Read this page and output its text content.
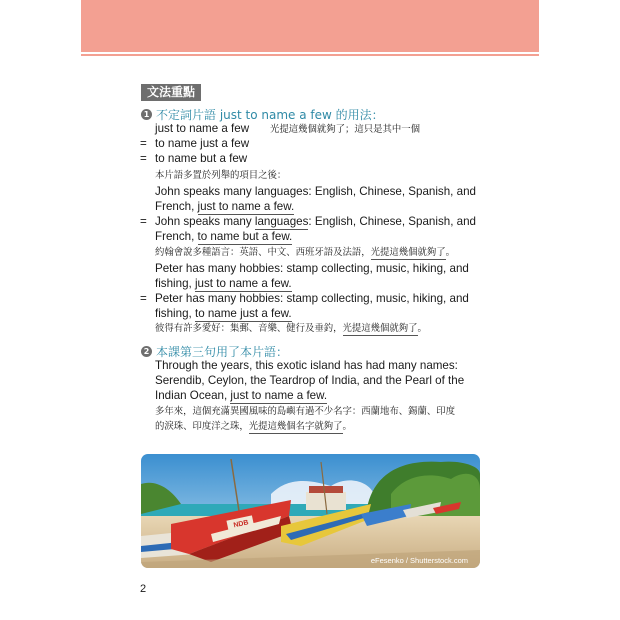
文法重點
1 不定詞片語 just to name a few 的用法：
just to name a few 光提這幾個就夠了；這只是其中一個
= to name just a few
= to name but a few
本片語多置於列舉的項目之後：
John speaks many languages: English, Chinese, Spanish, and
French, just to name a few.
= John speaks many languages: English, Chinese, Spanish, and
French, to name but a few.
約翰會說多種語言：英語、中文、西班牙語及法語，光提這幾個就夠了。
Peter has many hobbies: stamp collecting, music, hiking, and
fishing, just to name a few.
= Peter has many hobbies: stamp collecting, music, hiking, and
fishing, to name just a few.
彼得有許多愛好：集郵、音樂、健行及垂釣，光提這幾個就夠了。
2 本課第三句用了本片語：
Through the years, this exotic island has had many names:
Serendib, Ceylon, the Teardrop of India, and the Pearl of the
Indian Ocean, just to name a few.
多年來，這個充滿異國風味的島嶼有過不少名字：西蘭地布、錫蘭、印度
的淚珠、印度洋之珠，光提這幾個名字就夠了。
NDB
eFesenko / Shutterstock.com
2
